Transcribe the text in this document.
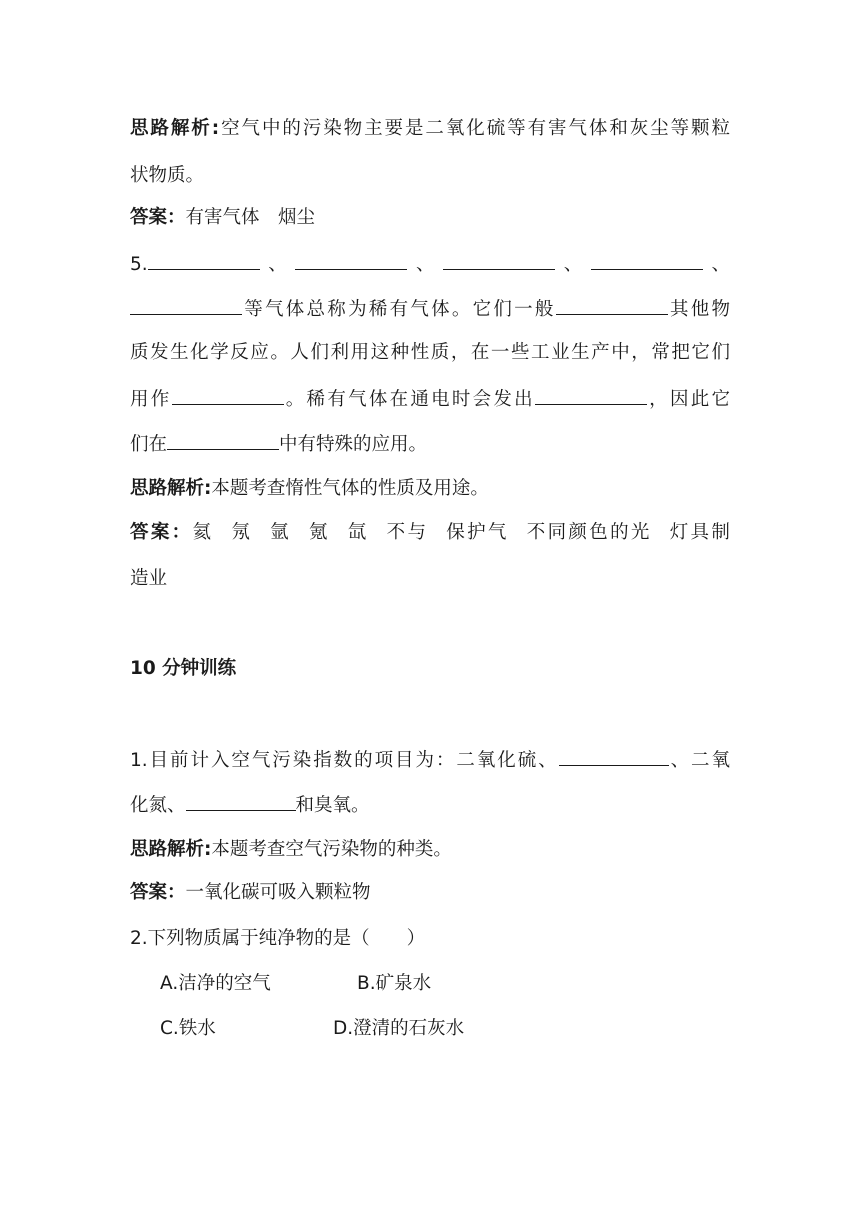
思路解析:空气中的污染物主要是二氧化硫等有害气体和灰尘等颗粒
状物质。
答案：有害气体　烟尘
5.	、	、	、	、
等气体总称为稀有气体。它们一般	其他物
质发生化学反应。人们利用这种性质，在一些工业生产中，常把它们
用作	。稀有气体在通电时会发出	，因此它
们在	中有特殊的应用。
思路解析:本题考查惰性气体的性质及用途。
答案：氦 氖 氩 氪 氙 不与 保护气 不同颜色的光 灯具制
造业
10 分钟训练
1.目前计入空气污染指数的项目为：二氧化硫、	、二氧
化氮、	和臭氧。
思路解析:本题考查空气污染物的种类。
答案：一氧化碳可吸入颗粒物
2.下列物质属于纯净物的是（　　）
A.洁净的空气	B.矿泉水
C.铁水	D.澄清的石灰水
